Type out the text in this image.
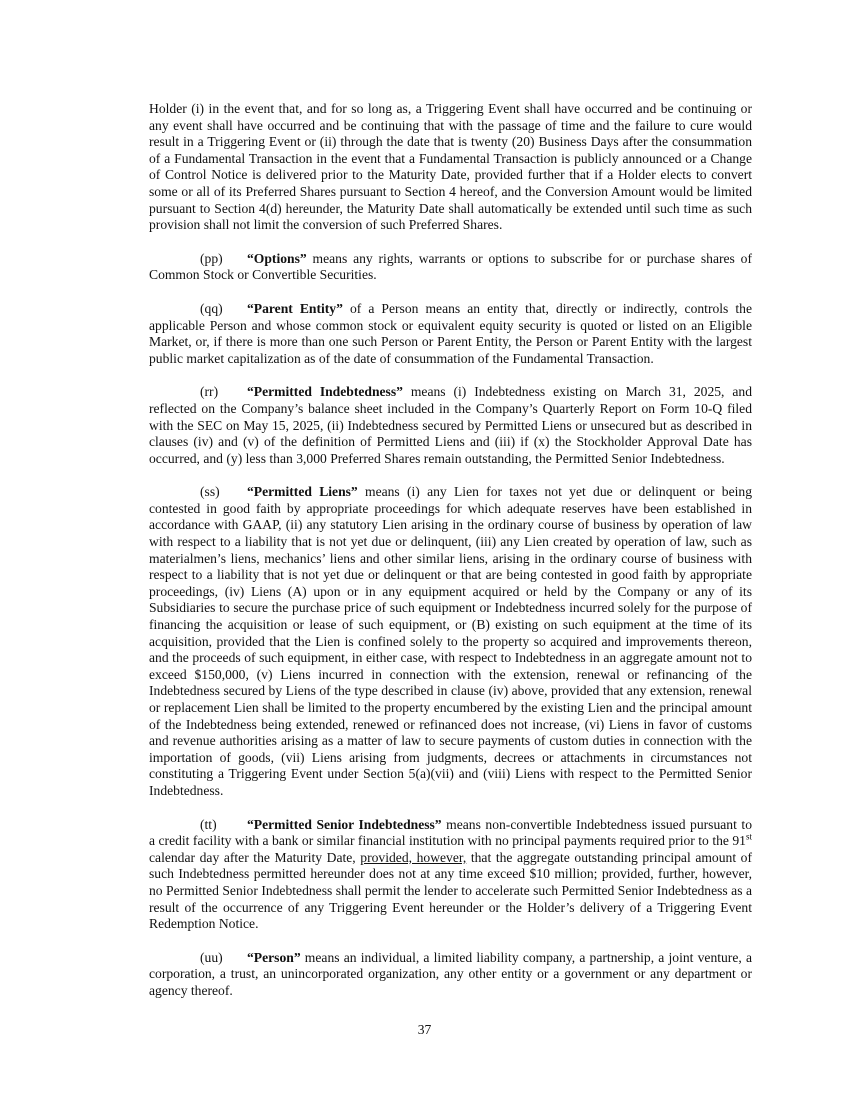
Holder (i) in the event that, and for so long as, a Triggering Event shall have occurred and be continuing or any event shall have occurred and be continuing that with the passage of time and the failure to cure would result in a Triggering Event or (ii) through the date that is twenty (20) Business Days after the consummation of a Fundamental Transaction in the event that a Fundamental Transaction is publicly announced or a Change of Control Notice is delivered prior to the Maturity Date, provided further that if a Holder elects to convert some or all of its Preferred Shares pursuant to Section 4 hereof, and the Conversion Amount would be limited pursuant to Section 4(d) hereunder, the Maturity Date shall automatically be extended until such time as such provision shall not limit the conversion of such Preferred Shares.

(pp) “Options” means any rights, warrants or options to subscribe for or purchase shares of Common Stock or Convertible Securities.

(qq) “Parent Entity” of a Person means an entity that, directly or indirectly, controls the applicable Person and whose common stock or equivalent equity security is quoted or listed on an Eligible Market, or, if there is more than one such Person or Parent Entity, the Person or Parent Entity with the largest public market capitalization as of the date of consummation of the Fundamental Transaction.

(rr) “Permitted Indebtedness” means (i) Indebtedness existing on March 31, 2025, and reflected on the Company’s balance sheet included in the Company’s Quarterly Report on Form 10-Q filed with the SEC on May 15, 2025, (ii) Indebtedness secured by Permitted Liens or unsecured but as described in clauses (iv) and (v) of the definition of Permitted Liens and (iii) if (x) the Stockholder Approval Date has occurred, and (y) less than 3,000 Preferred Shares remain outstanding, the Permitted Senior Indebtedness.

(ss) “Permitted Liens” means (i) any Lien for taxes not yet due or delinquent or being contested in good faith by appropriate proceedings for which adequate reserves have been established in accordance with GAAP, (ii) any statutory Lien arising in the ordinary course of business by operation of law with respect to a liability that is not yet due or delinquent, (iii) any Lien created by operation of law, such as materialmen’s liens, mechanics’ liens and other similar liens, arising in the ordinary course of business with respect to a liability that is not yet due or delinquent or that are being contested in good faith by appropriate proceedings, (iv) Liens (A) upon or in any equipment acquired or held by the Company or any of its Subsidiaries to secure the purchase price of such equipment or Indebtedness incurred solely for the purpose of financing the acquisition or lease of such equipment, or (B) existing on such equipment at the time of its acquisition, provided that the Lien is confined solely to the property so acquired and improvements thereon, and the proceeds of such equipment, in either case, with respect to Indebtedness in an aggregate amount not to exceed $150,000, (v) Liens incurred in connection with the extension, renewal or refinancing of the Indebtedness secured by Liens of the type described in clause (iv) above, provided that any extension, renewal or replacement Lien shall be limited to the property encumbered by the existing Lien and the principal amount of the Indebtedness being extended, renewed or refinanced does not increase, (vi) Liens in favor of customs and revenue authorities arising as a matter of law to secure payments of custom duties in connection with the importation of goods, (vii) Liens arising from judgments, decrees or attachments in circumstances not constituting a Triggering Event under Section 5(a)(vii) and (viii) Liens with respect to the Permitted Senior Indebtedness.

(tt) “Permitted Senior Indebtedness” means non-convertible Indebtedness issued pursuant to a credit facility with a bank or similar financial institution with no principal payments required prior to the 91st calendar day after the Maturity Date, provided, however, that the aggregate outstanding principal amount of such Indebtedness permitted hereunder does not at any time exceed $10 million; provided, further, however, no Permitted Senior Indebtedness shall permit the lender to accelerate such Permitted Senior Indebtedness as a result of the occurrence of any Triggering Event hereunder or the Holder’s delivery of a Triggering Event Redemption Notice.

(uu) “Person” means an individual, a limited liability company, a partnership, a joint venture, a corporation, a trust, an unincorporated organization, any other entity or a government or any department or agency thereof.

37
